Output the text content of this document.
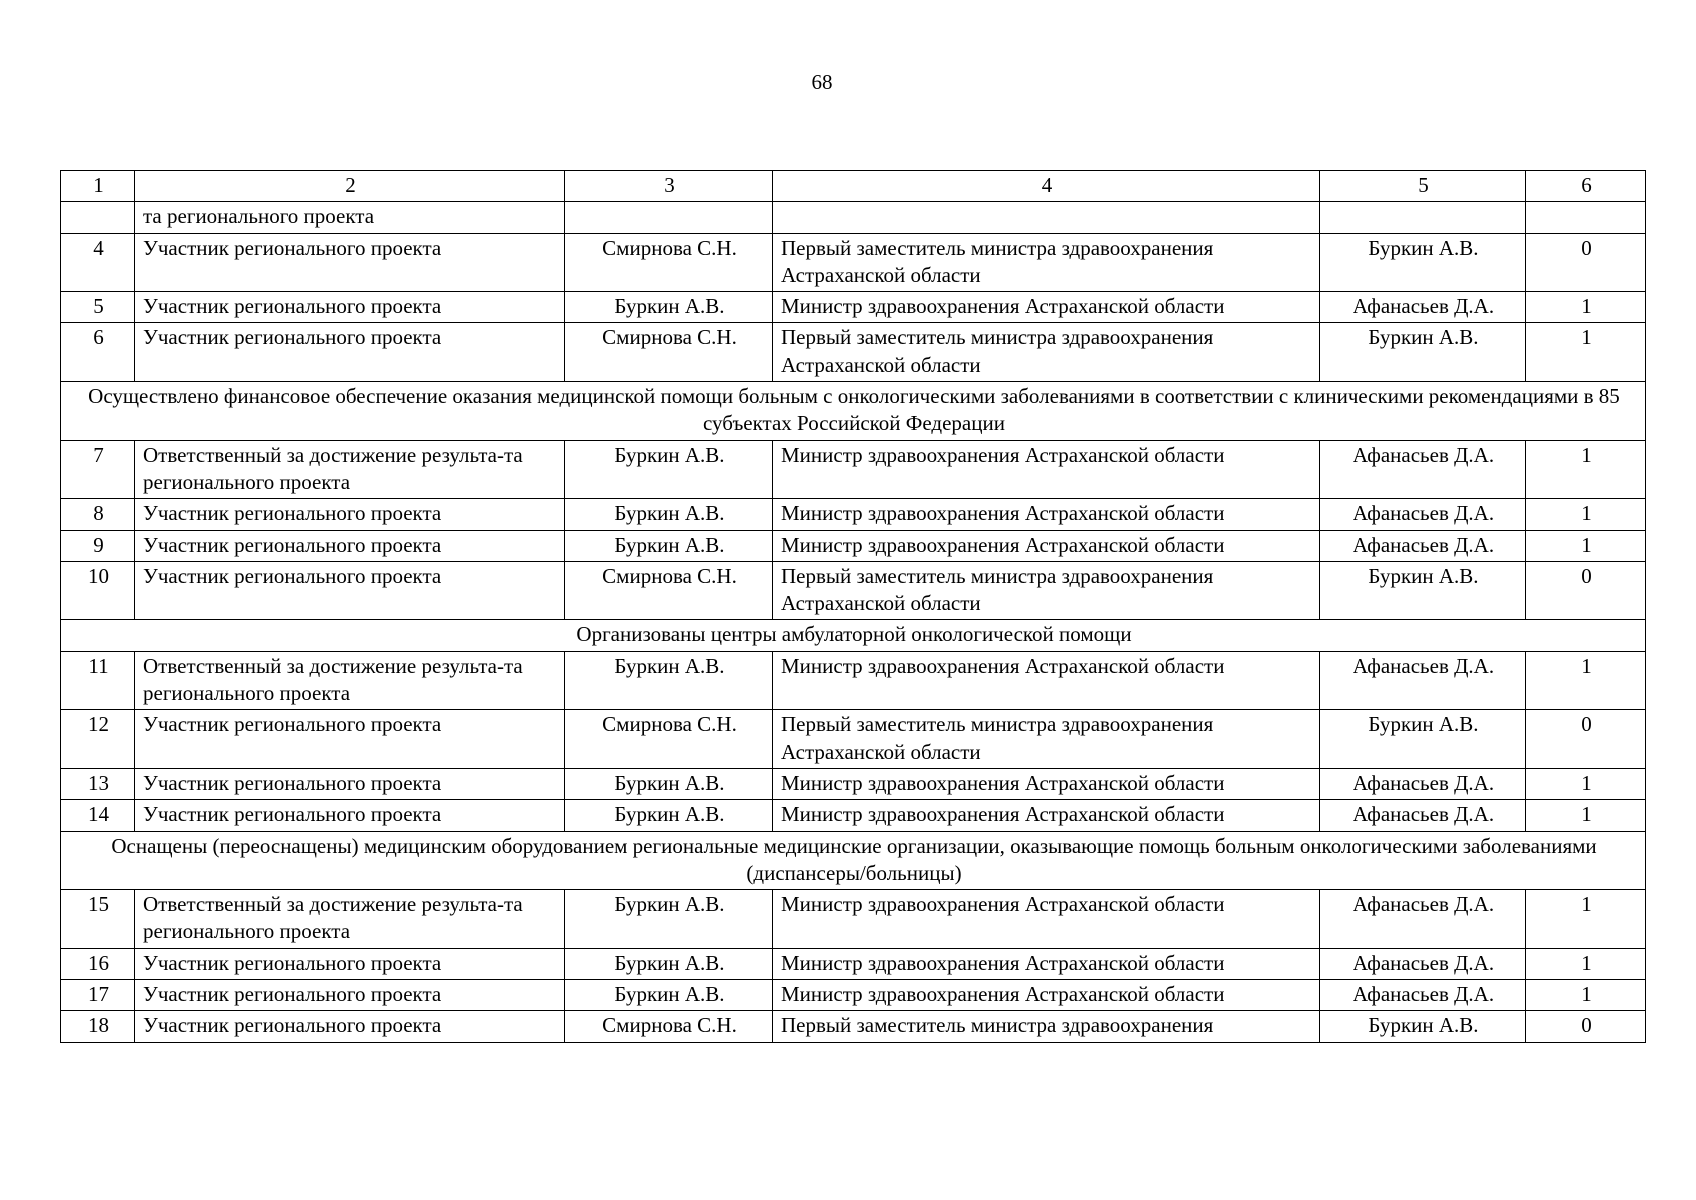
68
1	2	3	4	5	6
	та регионального проекта				
4	Участник регионального проекта	Смирнова С.Н.	Первый заместитель министра здравоохранения Астраханской области	Буркин А.В.	0
5	Участник регионального проекта	Буркин А.В.	Министр здравоохранения Астраханской области	Афанасьев Д.А.	1
6	Участник регионального проекта	Смирнова С.Н.	Первый заместитель министра здравоохранения Астраханской области	Буркин А.В.	1
Осуществлено финансовое обеспечение оказания медицинской помощи больным с онкологическими заболеваниями в соответствии с клиническими рекомендациями в 85 субъектах Российской Федерации					
7	Ответственный за достижение результа-та регионального проекта	Буркин А.В.	Министр здравоохранения Астраханской области	Афанасьев Д.А.	1
8	Участник регионального проекта	Буркин А.В.	Министр здравоохранения Астраханской области	Афанасьев Д.А.	1
9	Участник регионального проекта	Буркин А.В.	Министр здравоохранения Астраханской области	Афанасьев Д.А.	1
10	Участник регионального проекта	Смирнова С.Н.	Первый заместитель министра здравоохранения Астраханской области	Буркин А.В.	0
Организованы центры амбулаторной онкологической помощи					
11	Ответственный за достижение результа-та регионального проекта	Буркин А.В.	Министр здравоохранения Астраханской области	Афанасьев Д.А.	1
12	Участник регионального проекта	Смирнова С.Н.	Первый заместитель министра здравоохранения Астраханской области	Буркин А.В.	0
13	Участник регионального проекта	Буркин А.В.	Министр здравоохранения Астраханской области	Афанасьев Д.А.	1
14	Участник регионального проекта	Буркин А.В.	Министр здравоохранения Астраханской области	Афанасьев Д.А.	1
Оснащены (переоснащены) медицинским оборудованием региональные медицинские организации, оказывающие помощь больным онкологическими заболеваниями (диспансеры/больницы)					
15	Ответственный за достижение результа-та регионального проекта	Буркин А.В.	Министр здравоохранения Астраханской области	Афанасьев Д.А.	1
16	Участник регионального проекта	Буркин А.В.	Министр здравоохранения Астраханской области	Афанасьев Д.А.	1
17	Участник регионального проекта	Буркин А.В.	Министр здравоохранения Астраханской области	Афанасьев Д.А.	1
18	Участник регионального проекта	Смирнова С.Н.	Первый заместитель министра здравоохранения	Буркин А.В.	0
